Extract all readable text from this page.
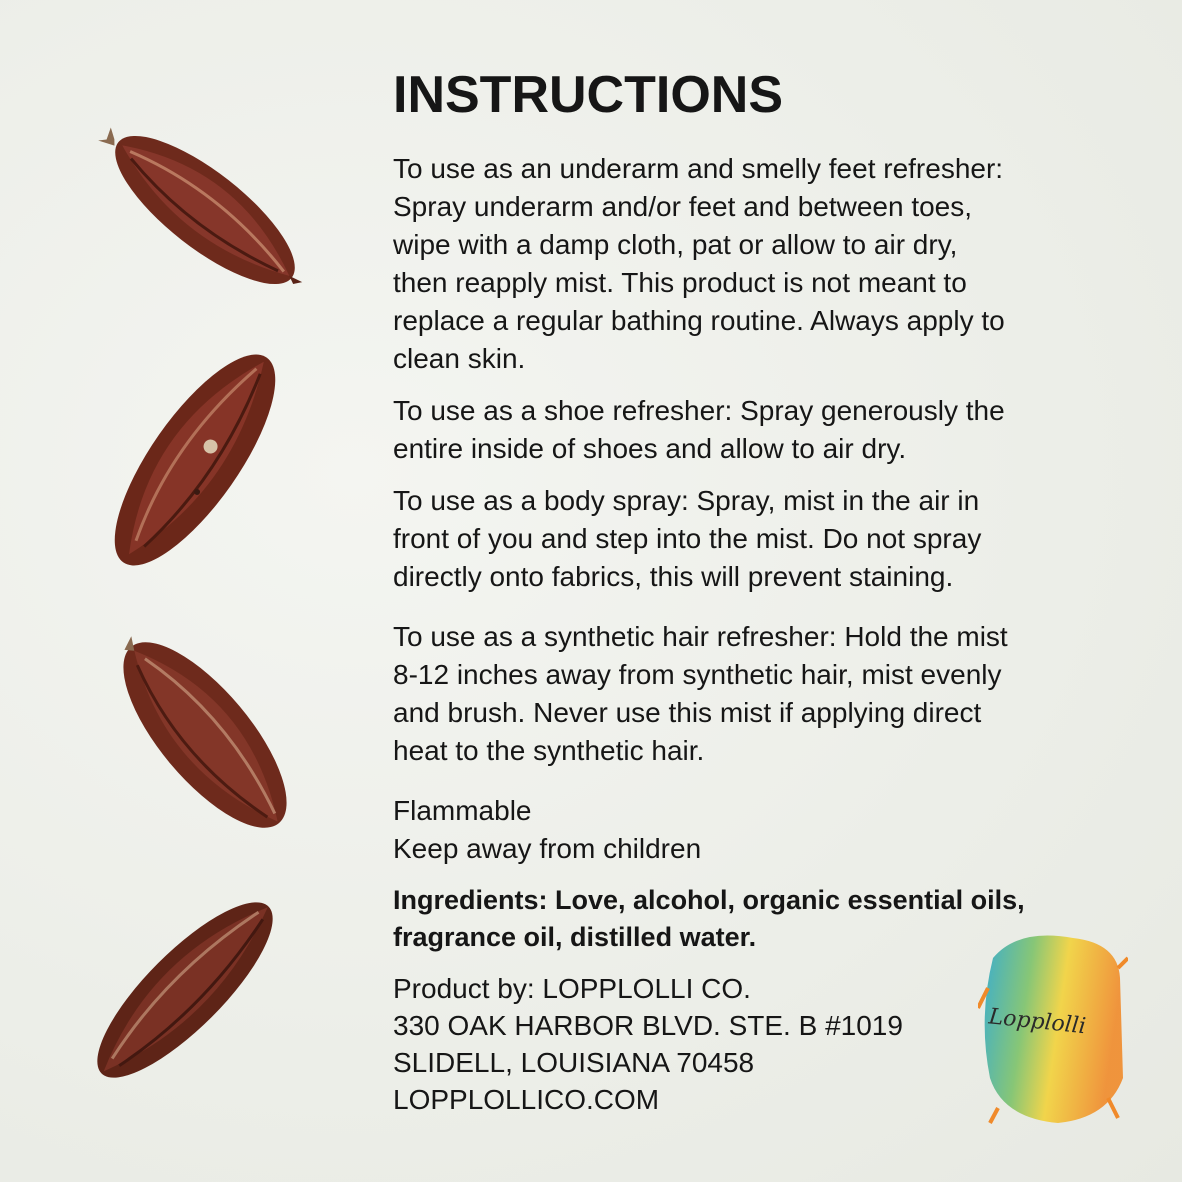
INSTRUCTIONS

To use as an underarm and smelly feet refresher: Spray underarm and/or feet and between toes, wipe with a damp cloth, pat or allow to air dry, then reapply mist. This product is not meant to replace a regular bathing routine. Always apply to clean skin.

To use as a shoe refresher: Spray generously the entire inside of shoes and allow to air dry.

To use as a body spray: Spray, mist in the air in front of you and step into the mist. Do not spray directly onto fabrics, this will prevent staining.

To use as a synthetic hair refresher: Hold the mist 8-12 inches away from synthetic hair, mist evenly and brush. Never use this mist if applying direct heat to the synthetic hair.

Flammable
Keep away from children

Ingredients: Love, alcohol, organic essential oils, fragrance oil, distilled water.

Product by: LOPPLOLLI CO.
330 OAK HARBOR BLVD. STE. B #1019
SLIDELL, LOUISIANA 70458
LOPPLOLLICO.COM
Lopplolli
